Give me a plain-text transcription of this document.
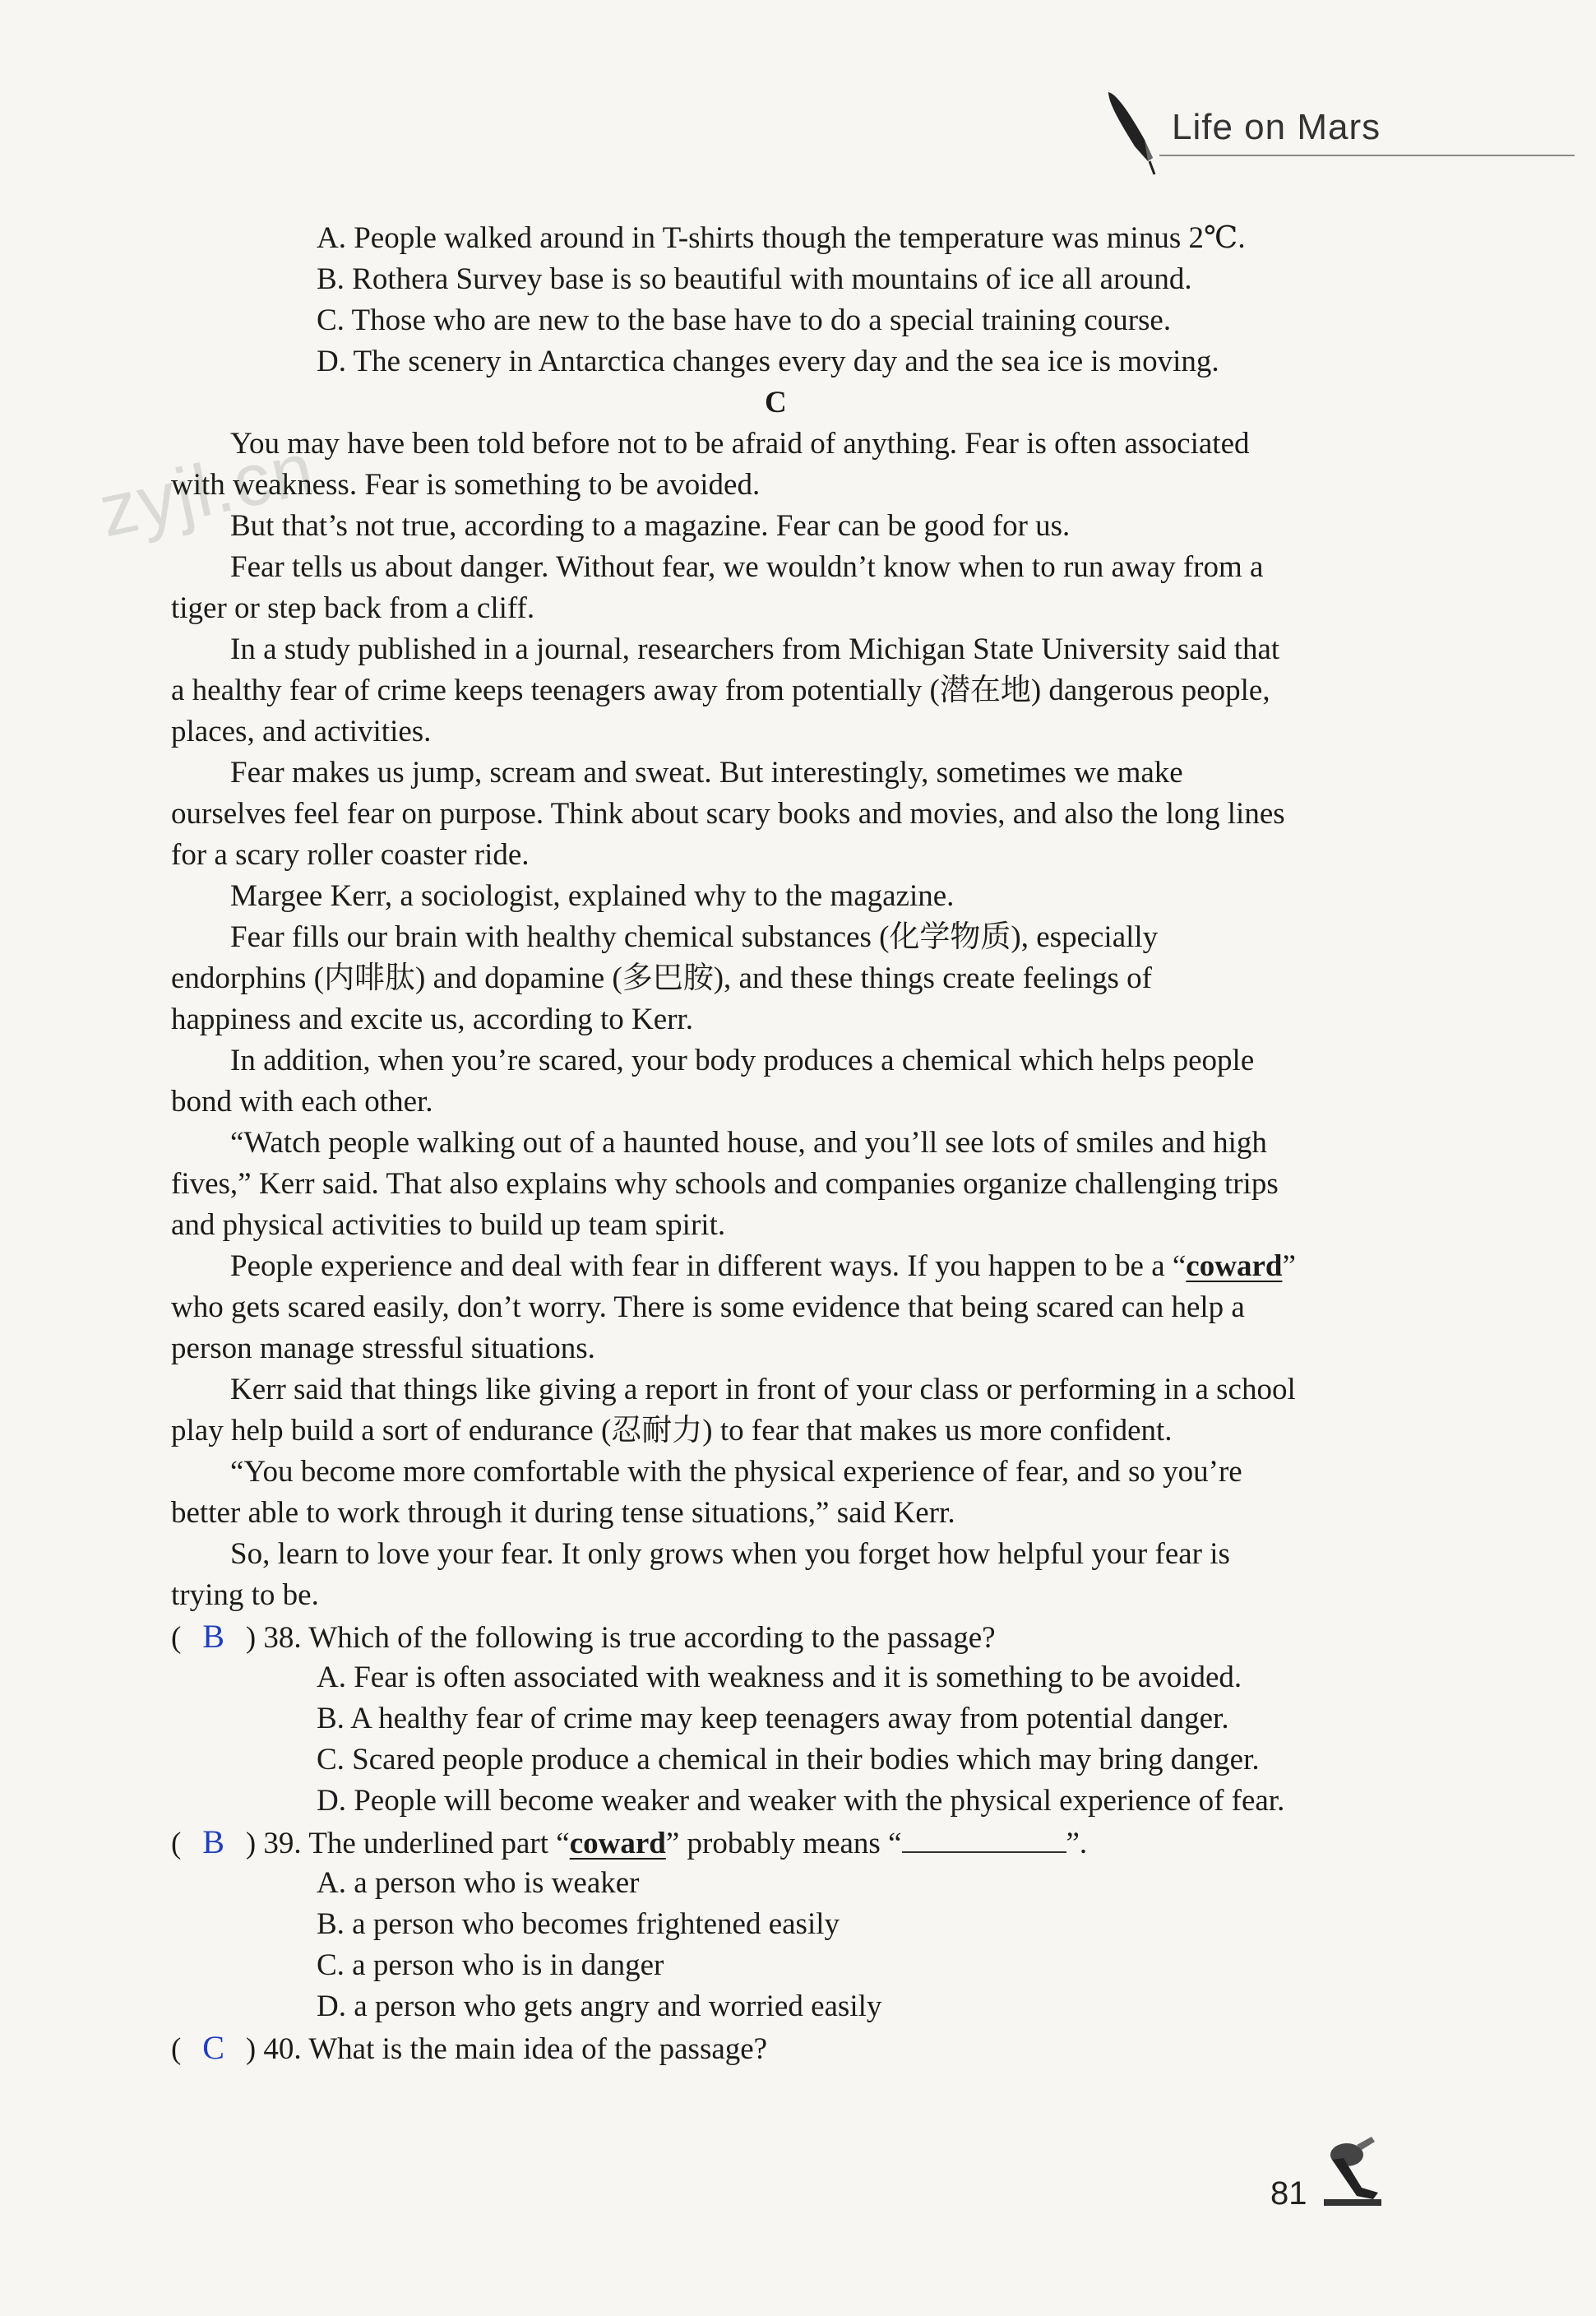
Life on Mars
zyjl.cn
A. People walked around in T-shirts though the temperature was minus 2℃.
B. Rothera Survey base is so beautiful with mountains of ice all around.
C. Those who are new to the base have to do a special training course.
D. The scenery in Antarctica changes every day and the sea ice is moving.
C
You may have been told before not to be afraid of anything. Fear is often associated
with weakness. Fear is something to be avoided.
But that’s not true, according to a magazine. Fear can be good for us.
Fear tells us about danger. Without fear, we wouldn’t know when to run away from a
tiger or step back from a cliff.
In a study published in a journal, researchers from Michigan State University said that
a healthy fear of crime keeps teenagers away from potentially (潜在地) dangerous people,
places, and activities.
Fear makes us jump, scream and sweat. But interestingly, sometimes we make
ourselves feel fear on purpose. Think about scary books and movies, and also the long lines
for a scary roller coaster ride.
Margee Kerr, a sociologist, explained why to the magazine.
Fear fills our brain with healthy chemical substances (化学物质), especially
endorphins (内啡肽) and dopamine (多巴胺), and these things create feelings of
happiness and excite us, according to Kerr.
In addition, when you’re scared, your body produces a chemical which helps people
bond with each other.
“Watch people walking out of a haunted house, and you’ll see lots of smiles and high
fives,” Kerr said. That also explains why schools and companies organize challenging trips
and physical activities to build up team spirit.
People experience and deal with fear in different ways. If you happen to be a “coward”
who gets scared easily, don’t worry. There is some evidence that being scared can help a
person manage stressful situations.
Kerr said that things like giving a report in front of your class or performing in a school
play help build a sort of endurance (忍耐力) to fear that makes us more confident.
“You become more comfortable with the physical experience of fear, and so you’re
better able to work through it during tense situations,” said Kerr.
So, learn to love your fear. It only grows when you forget how helpful your fear is
trying to be.
( B ) 38. Which of the following is true according to the passage?
A. Fear is often associated with weakness and it is something to be avoided.
B. A healthy fear of crime may keep teenagers away from potential danger.
C. Scared people produce a chemical in their bodies which may bring danger.
D. People will become weaker and weaker with the physical experience of fear.
( B ) 39. The underlined part “coward” probably means “	”.
A. a person who is weaker
B. a person who becomes frightened easily
C. a person who is in danger
D. a person who gets angry and worried easily
( C ) 40. What is the main idea of the passage?
81
